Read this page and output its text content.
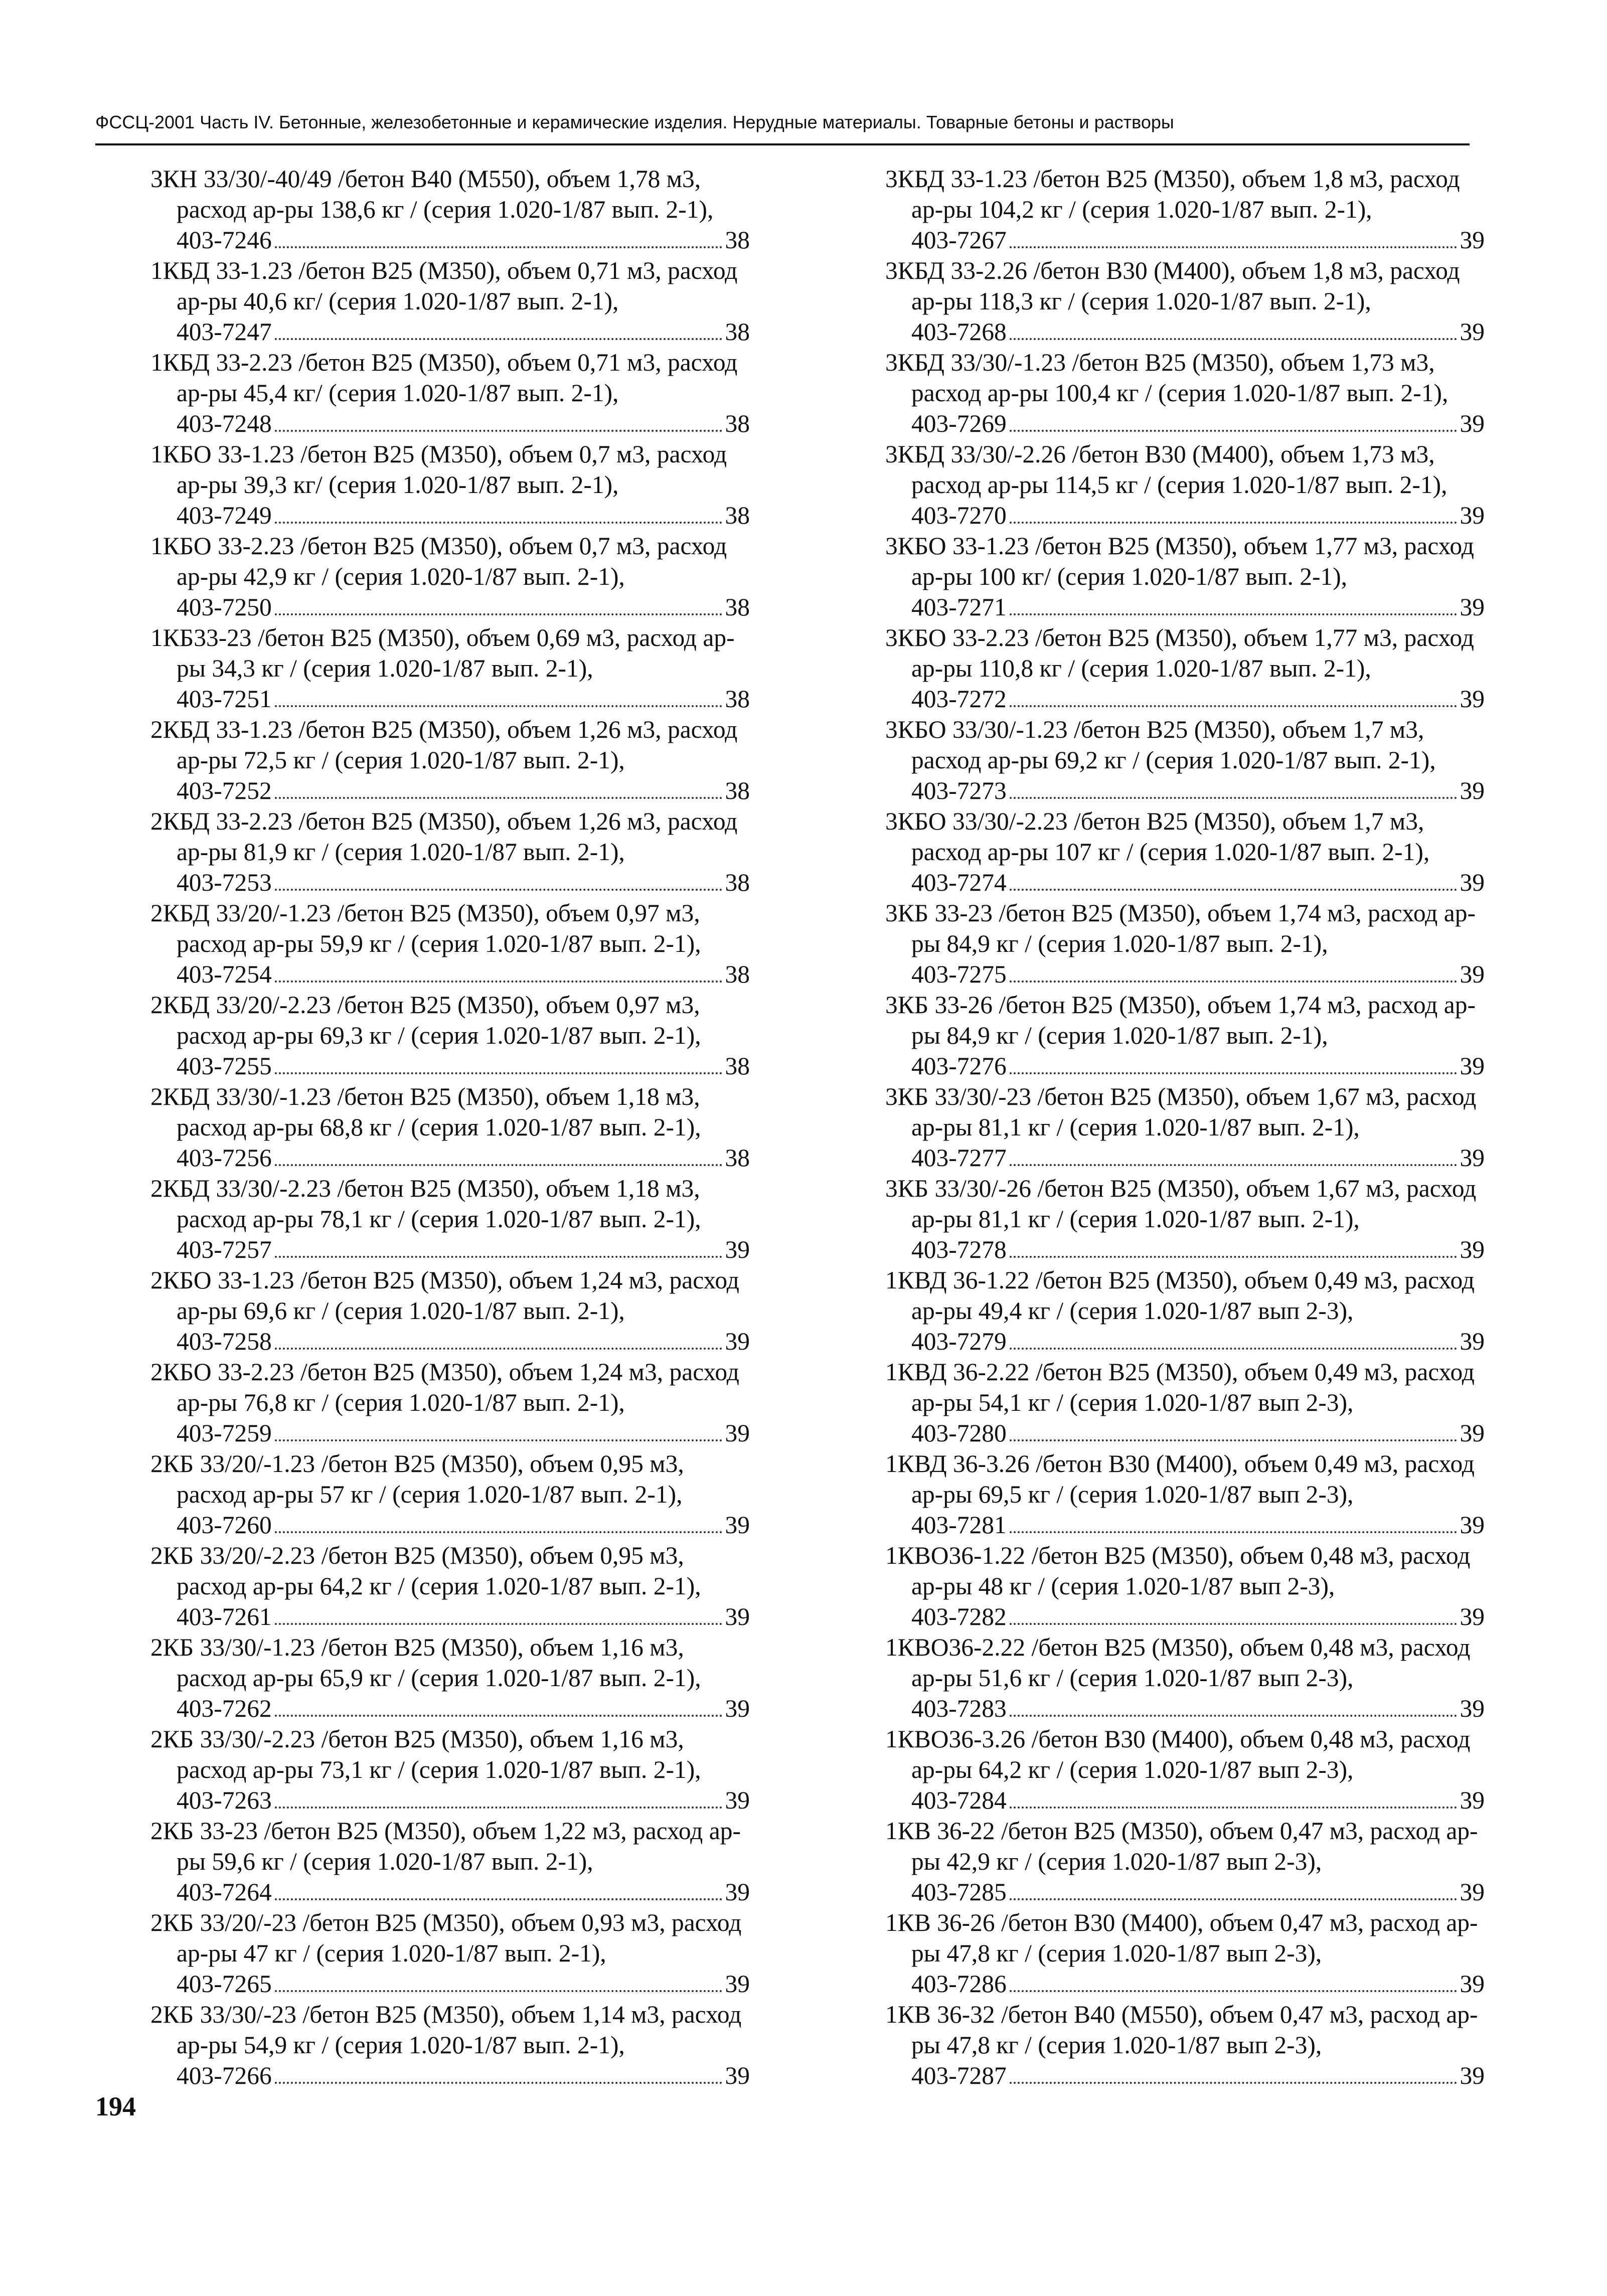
ФССЦ-2001 Часть IV. Бетонные, железобетонные и керамические изделия. Нерудные материалы. Товарные бетоны и растворы
3КН 33/30/-40/49 /бетон В40 (М550), объем 1,78 м3, расход ар-ры 138,6 кг / (серия 1.020-1/87 вып. 2-1),
403-7246	38
1КБД 33-1.23 /бетон В25 (М350), объем 0,71 м3, расход ар-ры 40,6 кг/ (серия 1.020-1/87 вып. 2-1),
403-7247	38
1КБД 33-2.23 /бетон В25 (М350), объем 0,71 м3, расход ар-ры 45,4 кг/ (серия 1.020-1/87 вып. 2-1),
403-7248	38
1КБО 33-1.23 /бетон В25 (М350), объем 0,7 м3, расход ар-ры 39,3 кг/ (серия 1.020-1/87 вып. 2-1),
403-7249	38
1КБО 33-2.23 /бетон В25 (М350), объем 0,7 м3, расход ар-ры 42,9 кг / (серия 1.020-1/87 вып. 2-1),
403-7250	38
1КБ33-23 /бетон В25 (М350), объем 0,69 м3, расход ар-ры 34,3 кг / (серия 1.020-1/87 вып. 2-1),
403-7251	38
2КБД 33-1.23 /бетон В25 (М350), объем 1,26 м3, расход ар-ры 72,5 кг / (серия 1.020-1/87 вып. 2-1),
403-7252	38
2КБД 33-2.23 /бетон В25 (М350), объем 1,26 м3, расход ар-ры 81,9 кг / (серия 1.020-1/87 вып. 2-1),
403-7253	38
2КБД 33/20/-1.23 /бетон В25 (М350), объем 0,97 м3, расход ар-ры 59,9 кг / (серия 1.020-1/87 вып. 2-1),
403-7254	38
2КБД 33/20/-2.23 /бетон В25 (М350), объем 0,97 м3, расход ар-ры 69,3 кг / (серия 1.020-1/87 вып. 2-1),
403-7255	38
2КБД 33/30/-1.23 /бетон В25 (М350), объем 1,18 м3, расход ар-ры 68,8 кг / (серия 1.020-1/87 вып. 2-1),
403-7256	38
2КБД 33/30/-2.23 /бетон В25 (М350), объем 1,18 м3, расход ар-ры 78,1 кг / (серия 1.020-1/87 вып. 2-1),
403-7257	39
2КБО 33-1.23 /бетон В25 (М350), объем 1,24 м3, расход ар-ры 69,6 кг / (серия 1.020-1/87 вып. 2-1),
403-7258	39
2КБО 33-2.23 /бетон В25 (М350), объем 1,24 м3, расход ар-ры 76,8 кг / (серия 1.020-1/87 вып. 2-1),
403-7259	39
2КБ 33/20/-1.23 /бетон В25 (М350), объем 0,95 м3, расход ар-ры 57 кг / (серия 1.020-1/87 вып. 2-1),
403-7260	39
2КБ 33/20/-2.23 /бетон В25 (М350), объем 0,95 м3, расход ар-ры 64,2 кг / (серия 1.020-1/87 вып. 2-1),
403-7261	39
2КБ 33/30/-1.23 /бетон В25 (М350), объем 1,16 м3, расход ар-ры 65,9 кг / (серия 1.020-1/87 вып. 2-1),
403-7262	39
2КБ 33/30/-2.23 /бетон В25 (М350), объем 1,16 м3, расход ар-ры 73,1 кг / (серия 1.020-1/87 вып. 2-1),
403-7263	39
2КБ 33-23 /бетон В25 (М350), объем 1,22 м3, расход ар-ры 59,6 кг / (серия 1.020-1/87 вып. 2-1),
403-7264	39
2КБ 33/20/-23 /бетон В25 (М350), объем 0,93 м3, расход ар-ры 47 кг / (серия 1.020-1/87 вып. 2-1),
403-7265	39
2КБ 33/30/-23 /бетон В25 (М350), объем 1,14 м3, расход ар-ры 54,9 кг / (серия 1.020-1/87 вып. 2-1),
403-7266	39
3КБД 33-1.23 /бетон В25 (М350), объем 1,8 м3, расход ар-ры 104,2 кг / (серия 1.020-1/87 вып. 2-1),
403-7267	39
3КБД 33-2.26 /бетон В30 (М400), объем 1,8 м3, расход ар-ры 118,3 кг / (серия 1.020-1/87 вып. 2-1),
403-7268	39
3КБД 33/30/-1.23 /бетон В25 (М350), объем 1,73 м3, расход ар-ры 100,4 кг / (серия 1.020-1/87 вып. 2-1),
403-7269	39
3КБД 33/30/-2.26 /бетон В30 (М400), объем 1,73 м3, расход ар-ры 114,5 кг / (серия 1.020-1/87 вып. 2-1),
403-7270	39
3КБО 33-1.23 /бетон В25 (М350), объем 1,77 м3, расход ар-ры 100 кг/ (серия 1.020-1/87 вып. 2-1),
403-7271	39
3КБО 33-2.23 /бетон В25 (М350), объем 1,77 м3, расход ар-ры 110,8 кг / (серия 1.020-1/87 вып. 2-1),
403-7272	39
3КБО 33/30/-1.23 /бетон В25 (М350), объем 1,7 м3, расход ар-ры 69,2 кг / (серия 1.020-1/87 вып. 2-1),
403-7273	39
3КБО 33/30/-2.23 /бетон В25 (М350), объем 1,7 м3, расход ар-ры 107 кг / (серия 1.020-1/87 вып. 2-1),
403-7274	39
3КБ 33-23 /бетон В25 (М350), объем 1,74 м3, расход ар-ры 84,9 кг / (серия 1.020-1/87 вып. 2-1),
403-7275	39
3КБ 33-26 /бетон В25 (М350), объем 1,74 м3, расход ар-ры 84,9 кг / (серия 1.020-1/87 вып. 2-1),
403-7276	39
3КБ 33/30/-23 /бетон В25 (М350), объем 1,67 м3, расход ар-ры 81,1 кг / (серия 1.020-1/87 вып. 2-1),
403-7277	39
3КБ 33/30/-26 /бетон В25 (М350), объем 1,67 м3, расход ар-ры 81,1 кг / (серия 1.020-1/87 вып. 2-1),
403-7278	39
1КВД 36-1.22 /бетон В25 (М350), объем 0,49 м3, расход ар-ры 49,4 кг / (серия 1.020-1/87 вып 2-3),
403-7279	39
1КВД 36-2.22 /бетон В25 (М350), объем 0,49 м3, расход ар-ры 54,1 кг / (серия 1.020-1/87 вып 2-3),
403-7280	39
1КВД 36-3.26 /бетон В30 (М400), объем 0,49 м3, расход ар-ры 69,5 кг / (серия 1.020-1/87 вып 2-3),
403-7281	39
1КВО36-1.22 /бетон В25 (М350), объем 0,48 м3, расход ар-ры 48 кг / (серия 1.020-1/87 вып 2-3),
403-7282	39
1КВО36-2.22 /бетон В25 (М350), объем 0,48 м3, расход ар-ры 51,6 кг / (серия 1.020-1/87 вып 2-3),
403-7283	39
1КВО36-3.26 /бетон В30 (М400), объем 0,48 м3, расход ар-ры 64,2 кг / (серия 1.020-1/87 вып 2-3),
403-7284	39
1КВ 36-22 /бетон В25 (М350), объем 0,47 м3, расход ар-ры 42,9 кг / (серия 1.020-1/87 вып 2-3),
403-7285	39
1КВ 36-26 /бетон В30 (М400), объем 0,47 м3, расход ар-ры 47,8 кг / (серия 1.020-1/87 вып 2-3),
403-7286	39
1КВ 36-32 /бетон В40 (М550), объем 0,47 м3, расход ар-ры 47,8 кг / (серия 1.020-1/87 вып 2-3),
403-7287	39
194
